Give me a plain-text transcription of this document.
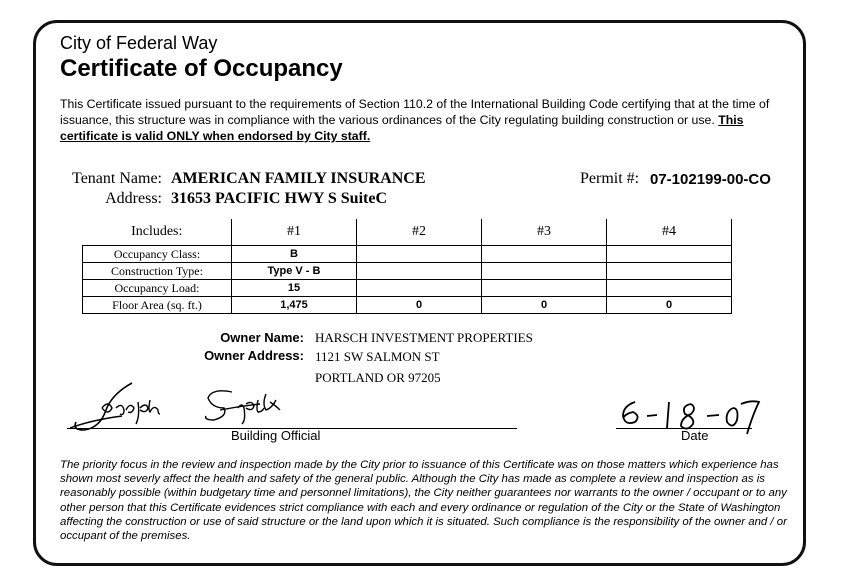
City of Federal Way
Certificate of Occupancy
This Certificate issued pursuant to the requirements of Section 110.2 of the International Building Code certifying that at the time of issuance, this structure was in compliance with the various ordinances of the City regulating building construction or use. This certificate is valid ONLY when endorsed by City staff.
Tenant Name: AMERICAN FAMILY INSURANCE
Address: 31653 PACIFIC HWY S SuiteC
Permit #: 07-102199-00-CO
Includes:	#1	#2	#3	#4
Occupancy Class:	B			
Construction Type:	Type V - B			
Occupancy Load:	15			
Floor Area (sq. ft.)	1,475	0	0	0
Owner Name: HARSCH INVESTMENT PROPERTIES
Owner Address: 1121 SW SALMON ST
PORTLAND OR 97205
Building Official	Date
The priority focus in the review and inspection made by the City prior to issuance of this Certificate was on those matters which experience has shown most severly affect the health and safety of the general public. Although the City has made as complete a review and inspection as is reasonably possible (within budgetary time and personnel limitations), the City neither guarantees nor warrants to the owner / occupant or to any other person that this Certificate evidences strict compliance with each and every ordinance or regulation of the City or the State of Washington affecting the construction or use of said structure or the land upon which it is situated. Such compliance is the responsibility of the owner and / or occupant of the premises.
